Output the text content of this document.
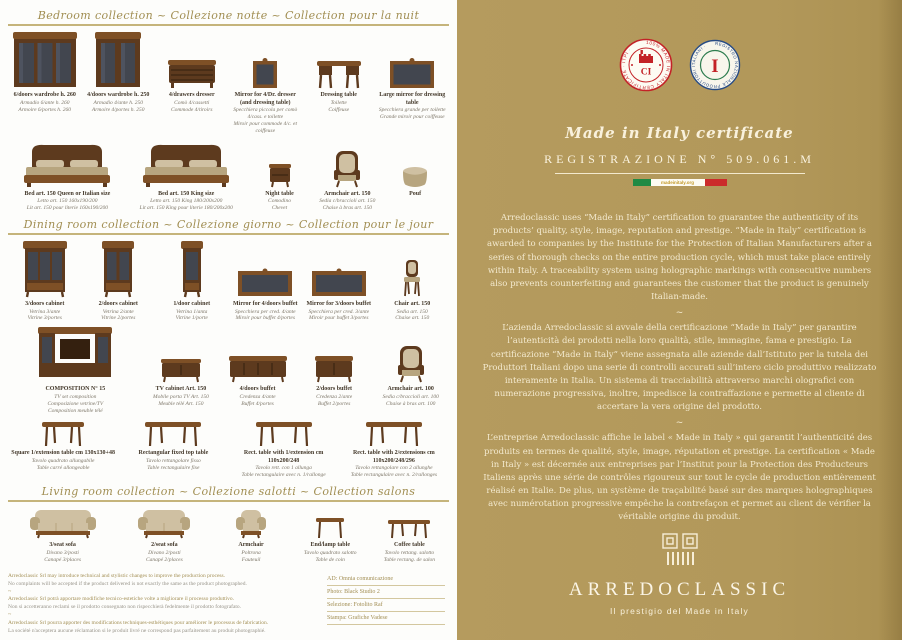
Bedroom collection ~ Collezione notte ~ Collection pour la nuit
6/doors wardrobe h. 260
Armadio 6/ante h. 260
Armoire 6/portes h. 260
4/doors wardrobe h. 250
Armadio 4/ante h. 250
Armoire 4/portes h. 250
4/drawers dresser
Comò 4/cassetti
Commode 4/tiroirs
Mirror for 4/Dr. dresser (and dressing table)
Specchiera piccola per comò
4/cass. e toilette
Miroir pour commode 4/c. et coiffeuse
Dressing table
Toilette
Coiffeuse
Large mirror for dressing table
Specchiera grande per toilette
Grande miroir pour coiffeuse
Bed art. 150 Queen or Italian size
Letto art. 150 160x190/200
Lit art. 150 pour literie 160x190/200
Bed art. 150 King size
Letto art. 150 King 180/200x200
Lit art. 150 King pour literie 180/200x200
Night table
Comodino
Chevet
Armchair art. 150
Sedia c/braccioli art. 150
Chaise à bras art. 150
Pouf
Dining room collection ~ Collezione giorno ~ Collection pour le jour
3/doors cabinet
Vetrina 3/ante
Vitrine 3/portes
2/doors cabinet
Vetrina 2/ante
Vitrine 2/portes
1/door cabinet
Vetrina 1/anta
Vitrine 1/porte
Mirror for 4/doors buffet
Specchiera per cred. 4/ante
Miroir pour buffet 4/portes
Mirror for 3/doors buffet
Specchiera per cred. 3/ante
Miroir pour buffet 3/portes
Chair art. 150
Sedia art. 150
Chaise art. 150
COMPOSITION N° 15
TV set composition
Composizione vetrine/TV
Composition meuble télé
TV cabinet Art. 150
Mobile porta TV Art. 150
Meuble télé Art. 150
4/doors buffet
Credenza 4/ante
Buffet 4/portes
2/doors buffet
Credenza 2/ante
Buffet 2/portes
Armchair art. 100
Sedia c/braccioli art. 100
Chaise à bras art. 100
Square 1/extension table cm 130x130+48
Tavolo quadrato allungabile
Table carré allongeable
Rectangular fixed top table
Tavolo rettangolare fisso
Table rectangulaire fixe
Rect. table with 1/extension cm 110x200/248
Tavolo rett. con 1 allunga
Table rectangulaire avec n. 1/rallonge
Rect. table with 2/extensions cm 110x200/248/296
Tavolo rettangolare con 2 allunghe
Table rectangulaire avec n. 2/rallonges
Living room collection ~ Collezione salotti ~ Collection salons
3/seat sofa
Divano 3/posti
Canapé 3/places
2/seat sofa
Divano 2/posti
Canapé 2/places
Armchair
Poltrona
Fauteuil
End/lamp table
Tavolo quadrato salotto
Table de coin
Coffee table
Tavolo rettang. salotto
Table rectang. de salon
Arredoclassic Srl may introduce technical and stylistic changes to improve the production process.
No complaints will be accepted if the product delivered is not exactly the same as the product photographed.
~
Arredoclassic Srl potrà apportare modifiche tecnico-estetiche volte a migliorare il processo produttivo.
Non si accetteranno reclami se il prodotto consegnato non rispecchierà fedelmente il prodotto fotografato.
~
Arredoclassic Srl pourra apporter des modifications techniques-esthétiques pour améliorer le processus de fabrication.
La société n'acceptera aucune réclamation si le produit livré ne correspond pas parfaitement au produit photographié.
AD: Omnia comunicazione
Photo: Black Studio 2
Selezione: Fotolito Raf
Stampa: Grafiche Vadese
100% MADE IN ITALY CERTIFICATE · ITPI ·
CI
REGISTRO NAZIONALE PRODUTTORI ITALIANI ·
I
Made in Italy certificate
REGISTRAZIONE N° 509.061.M
madeinitaly.org

Arredoclassic uses “Made in Italy” certification to guarantee the authenticity of its products’ quality, style, image, reputation and prestige. “Made in Italy” certification is awarded to companies by the Institute for the Protection of Italian Manufacturers after a series of thorough checks on the entire production cycle, which must take place entirely within Italy. A traceability system using holographic markings with consecutive numbers also prevents counterfeiting and guarantees the customer that the product is genuinely Italian-made.

~

L’azienda Arredoclassic si avvale della certificazione “Made in Italy” per garantire l’autenticità dei prodotti nella loro qualità, stile, immagine, fama e prestigio. La certificazione “Made in Italy” viene assegnata alle aziende dall’Istituto per la tutela dei Produttori Italiani dopo una serie di controlli accurati sull’intero ciclo produttivo realizzato interamente in Italia. Un sistema di tracciabilità attraverso marchi olografici con numerazione progressiva, inoltre, impedisce la contraffazione e permette al cliente di accertare la vera origine del prodotto.

~

L’entreprise Arredoclassic affiche le label « Made in Italy » qui garantit l’authenticité des produits en termes de qualité, style, image, réputation et prestige. La certification « Made in Italy » est décernée aux entreprises par l’Institut pour la Protection des Producteurs Italiens après une série de contrôles rigoureux sur tout le cycle de production entièrement réalisé en Italie. De plus, un système de traçabilité basé sur des marques holographiques avec numérotation progressive empêche la contrefaçon et permet au client de vérifier la véritable origine du produit.

ARREDOCLASSIC
Il prestigio del Made in Italy
